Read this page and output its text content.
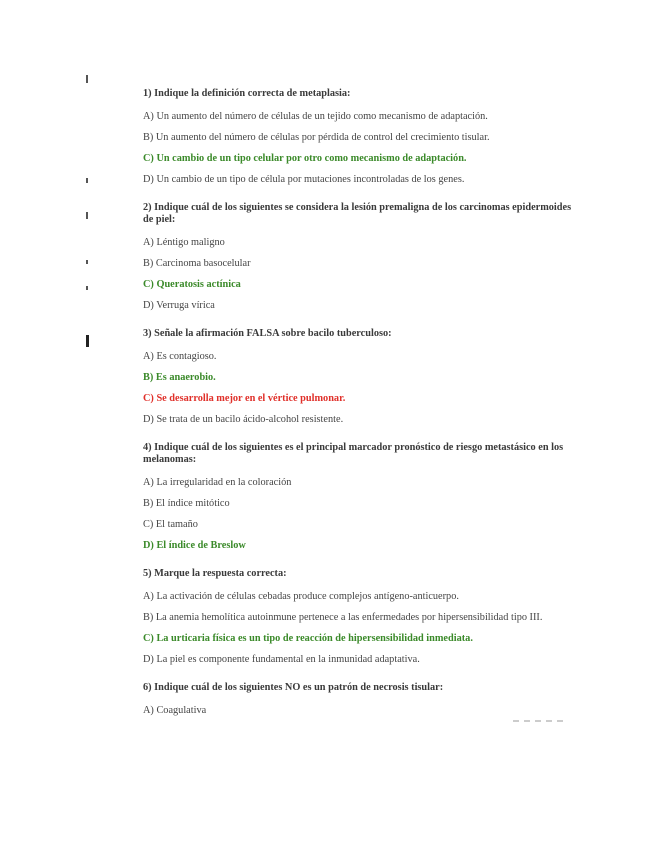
1) Indique la definición correcta de metaplasia:

A) Un aumento del número de células de un tejido como mecanismo de adaptación.

B) Un aumento del número de células por pérdida de control del crecimiento tisular.

C) Un cambio de un tipo celular por otro como mecanismo de adaptación.

D) Un cambio de un tipo de célula por mutaciones incontroladas de los genes.

2) Indique cuál de los siguientes se considera la lesión premaligna de los carcinomas epidermoides de piel:

A) Léntigo maligno

B) Carcinoma basocelular

C) Queratosis actínica

D) Verruga vírica

3) Señale la afirmación FALSA sobre bacilo tuberculoso:

A) Es contagioso.

B) Es anaerobio.

C) Se desarrolla mejor en el vértice pulmonar.

D) Se trata de un bacilo ácido-alcohol resistente.

4) Indique cuál de los siguientes es el principal marcador pronóstico de riesgo metastásico en los melanomas:

A) La irregularidad en la coloración

B) El índice mitótico

C) El tamaño

D) El índice de Breslow

5) Marque la respuesta correcta:

A) La activación de células cebadas produce complejos antígeno-anticuerpo.

B) La anemia hemolítica autoinmune pertenece a las enfermedades por hipersensibilidad tipo III.

C) La urticaria física es un tipo de reacción de hipersensibilidad inmediata.

D) La piel es componente fundamental en la inmunidad adaptativa.

6) Indique cuál de los siguientes NO es un patrón de necrosis tisular:

A) Coagulativa
